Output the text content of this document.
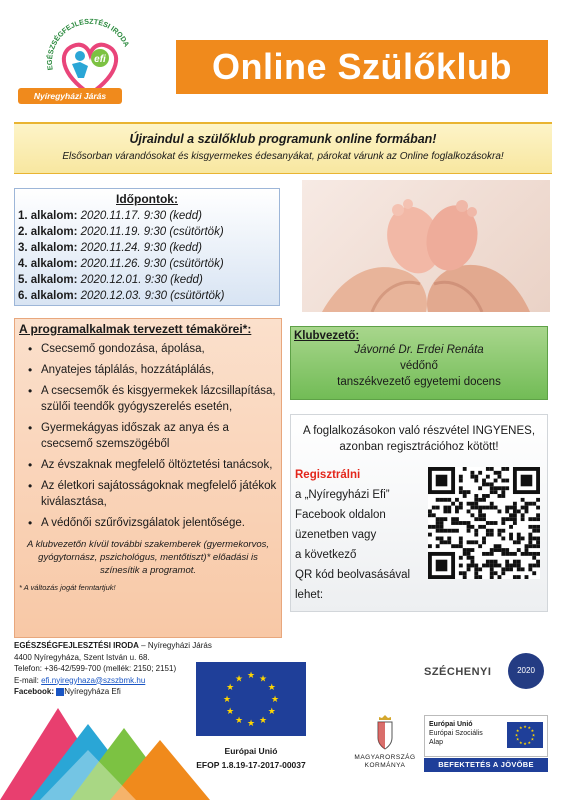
EGÉSZSÉGFEJLESZTÉSI IRODA
efi
Nyíregyházi Járás
Online Szülőklub
Újraindul a szülőklub programunk online formában!
Elsősorban várandósokat és kisgyermekes édesanyákat, párokat várunk az Online foglalkozásokra!
Időpontok:
1. alkalom: 2020.11.17. 9:30 (kedd)
2. alkalom: 2020.11.19. 9:30 (csütörtök)
3. alkalom: 2020.11.24. 9:30 (kedd)
4. alkalom: 2020.11.26. 9:30 (csütörtök)
5. alkalom: 2020.12.01. 9:30 (kedd)
6. alkalom: 2020.12.03. 9:30 (csütörtök)
A programalkalmak tervezett témakörei*:
• Csecsemő gondozása, ápolása,
• Anyatejes táplálás, hozzátáplálás,
• A csecsemők és kisgyermekek lázcsillapítása, szülői teendők gyógyszerelés esetén,
• Gyermekágyas időszak az anya és a csecsemő szemszögéből
• Az évszaknak megfelelő öltöztetési tanácsok,
• Az életkori sajátosságoknak megfelelő játékok kiválasztása,
• A védőnői szűrővizsgálatok jelentősége.
A klubvezetőn kívül további szakemberek (gyermekorvos, gyógytornász, pszichológus, mentőtiszt)* előadási is színesítik a programot.
* A változás jogát fenntartjuk!
Klubvezető:
Jávorné Dr. Erdei Renáta
védőnő
tanszékvezető egyetemi docens
A foglalkozásokon való részvétel INGYENES,
azonban regisztrációhoz kötött!
Regisztrálni
a „Nyíregyházi Efi”
Facebook oldalon
üzenetben vagy
a következő
QR kód beolvasásával
lehet:
EGÉSZSÉGFEJLESZTÉSI IRODA – Nyíregyházi Járás
4400 Nyíregyháza, Szent István u. 68.
Telefon: +36-42/599-700 (mellék: 2150; 2151)
E-mail: efi.nyiregyhaza@szszbmk.hu
Facebook: Nyíregyháza Efi
★
★
★
★
★
★
★
★
★ ★ ★
★
Európai Unió
EFOP 1.8.19-17-2017-00037
SZÉCHENYI	2020
MAGYARORSZÁG
KORMÁNYA
Európai Unió
Európai Szociális
Alap
★
★
★
★
★
★
★
★
★ ★ ★
★
BEFEKTETÉS A JÖVŐBE
